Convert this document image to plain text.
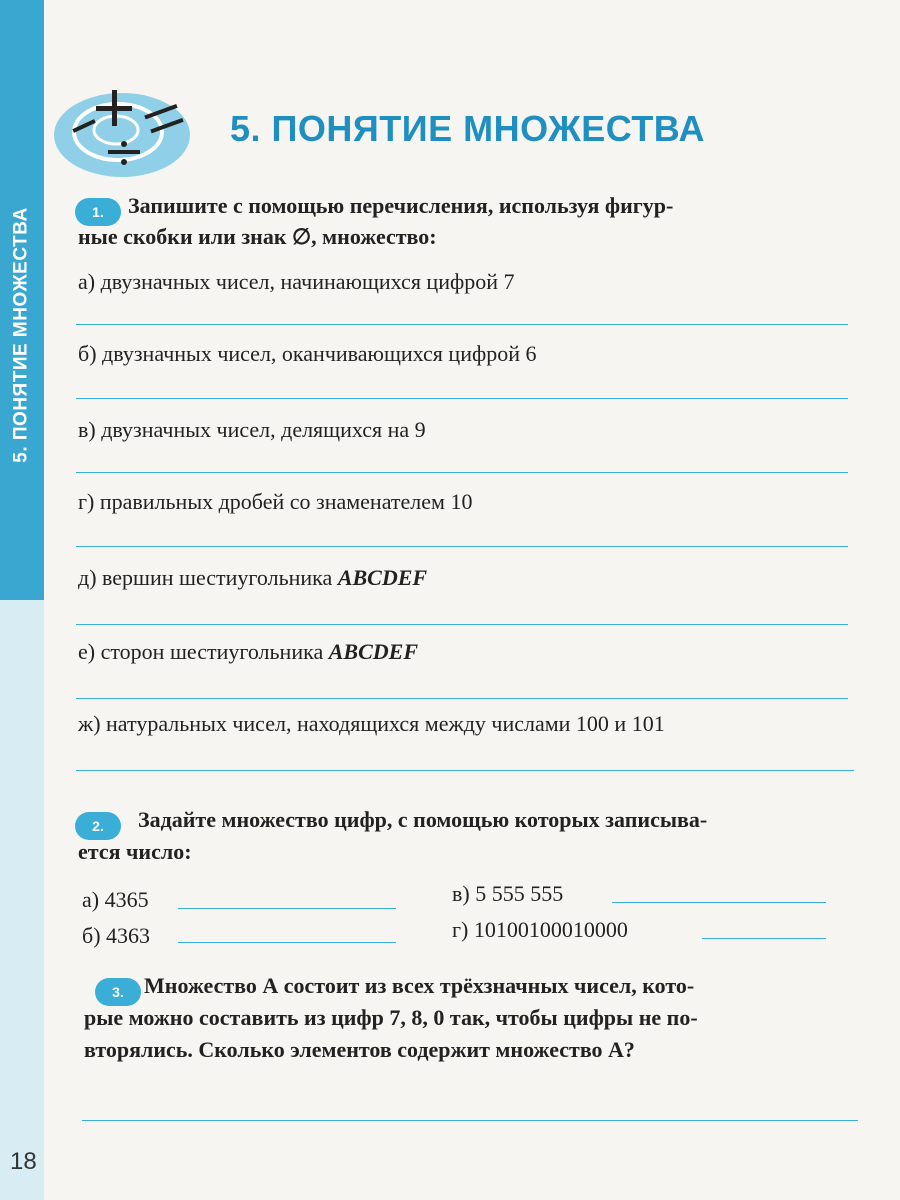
5. ПОНЯТИЕ МНОЖЕСТВА
18
5. ПОНЯТИЕ МНОЖЕСТВА
1.	Запишите с помощью перечисления, используя фигур-
ные скобки или знак ∅, множество:
а) двузначных чисел, начинающихся цифрой 7
б) двузначных чисел, оканчивающихся цифрой 6
в) двузначных чисел, делящихся на 9
г) правильных дробей со знаменателем 10
д) вершин шестиугольника ABCDEF
е) сторон шестиугольника ABCDEF
ж) натуральных чисел, находящихся между числами 100 и 101
2.	Задайте множество цифр, с помощью которых записыва-
ется число:
а) 4365
б) 4363
в) 5 555 555
г) 10100100010000
3. Множество А состоит из всех трёхзначных чисел, кото-
рые можно составить из цифр 7, 8, 0 так, чтобы цифры не по-
вторялись. Сколько элементов содержит множество А?
